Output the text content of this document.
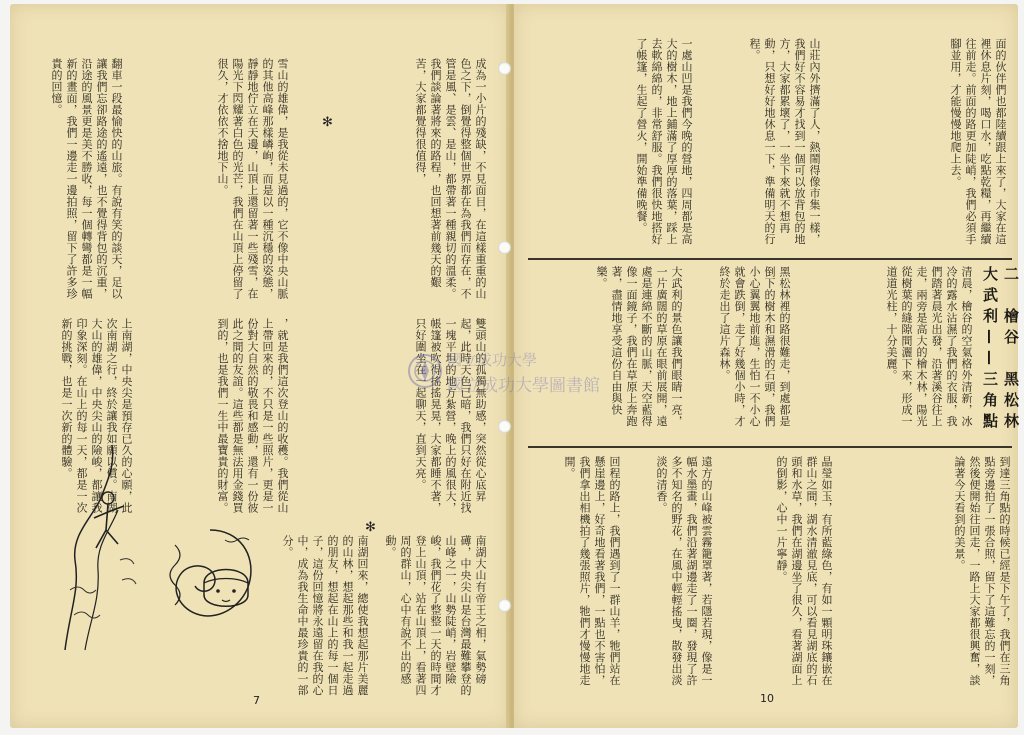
成為一小片的殘缺，不見面目，在這樣重重的山色之下，倒覺得整個世界都在為我們而存在，不管是風、是雲、是山，都帶著一種親切的溫柔。我們談論著將來的路程，也回想著前幾天的艱苦，大家都覺得很值得，
雪山的雄偉，是我從未見過的，它不像中央山脈的其他高峰那樣嶙峋，而是以一種沉穩的姿態，靜靜地佇立在天邊，山頂上還留著一些殘雪，在陽光下閃耀著白色的光芒，我們在山頂上停留了很久，才依依不捨地下山。
翻車一段最愉快的山旅。有說有笑的談天，足以讓我們忘卻路途的遙遠，也不覺得背包的沉重，沿途的風景更是美不勝收，每一個轉彎都是一幅新的畫面，我們一邊走一邊拍照，留下了許多珍貴的回憶。
✻
雙頭山的孤獨無助感，突然從心底昇起，此時天色已暗，我們只好在附近找一塊平坦的地方紮營，晚上的風很大，帳篷被吹得搖搖晃晃，大家都睡不著，只好圍坐在一起聊天，直到天亮。
，就是我們這次登山的收穫。我們從山上帶回來的，不只是一些照片，更是一份對大自然的敬畏和感動，還有一份彼此之間的友誼。這些都是無法用金錢買到的，也是我們一生中最寶貴的財富。
上南湖，中央尖是預存已久的心願，此次南湖之行，終於讓我如願以償。南湖大山的雄偉，中央尖山的險峻，都讓我印象深刻。在山上的每一天，都是一次新的挑戰，也是一次新的體驗。
✻
南湖大山有帝王之相，氣勢磅礡，中央尖山是台灣最難攀登的山峰之一，山勢陡峭，岩壁險峻，我們花了整整一天的時間才登上山頂，站在山頂上，看著四周的群山，心中有說不出的感動。
南湖回來，總使我想起那片美麗的山林，想起那些和我一起走過的朋友，想起在山上的每一個日子，這份回憶將永遠留在我的心中，成為我生命中最珍貴的一部分。
7
面的伙伴們也都陸續跟上來了，大家在這裡休息片刻，喝口水，吃點乾糧，再繼續往前走。前面的路更加陡峭，我們必須手腳並用，才能慢慢地爬上去。
山莊內外擠滿了人，熱鬧得像市集一樣，我們好不容易才找到一個可以放背包的地方，大家都累壞了，一坐下來就不想再動，只想好好地休息一下，準備明天的行程。
一處山凹是我們今晚的營地，四周都是高大的樹木，地上鋪滿了厚厚的落葉，踩上去軟綿綿的，非常舒服。我們很快地搭好了帳篷，生起了營火，開始準備晚餐。
二　檜谷　黑松林　大武利——三角點
清晨，檜谷的空氣格外清新，冰冷的露水沾濕了我們的衣服，我們踏著晨光出發，沿著溪谷往上走，兩旁是高大的檜木林，陽光從樹葉的縫隙間灑下來，形成一道道光柱，十分美麗。
黑松林裡的路很難走，到處都是倒下的樹木和濕滑的石頭，我們小心翼翼地前進，生怕一不小心就會跌倒，走了好幾個小時，才終於走出了這片森林。
大武利的景色讓我們眼睛一亮，一片廣闊的草原在眼前展開，遠處是連綿不斷的山脈，天空藍得像一面鏡子，我們在草原上奔跑著，盡情地享受這份自由與快樂。
到達三角點的時候已經是下午了，我們在三角點旁邊拍了一張合照，留下了這難忘的一刻，然後便開始往回走，一路上大家都很興奮，談論著今天看到的美景。
晶瑩如玉，有所藍綠色，有如一顆明珠鑲嵌在群山之間，湖水清澈見底，可以看見湖底的石頭和水草，我們在湖邊坐了很久，看著湖面上的倒影，心中一片寧靜。
遠方的山峰被雲霧籠罩著，若隱若現，像是一幅水墨畫，我們沿著湖邊走了一圈，發現了許多不知名的野花，在風中輕輕搖曳，散發出淡淡的清香。
回程的路上，我們遇到了一群山羊，牠們站在懸崖邊上，好奇地看著我們，一點也不害怕，我們拿出相機拍了幾張照片，牠們才慢慢地走開。
10
國立成功大學
國立成功大學圖書館
